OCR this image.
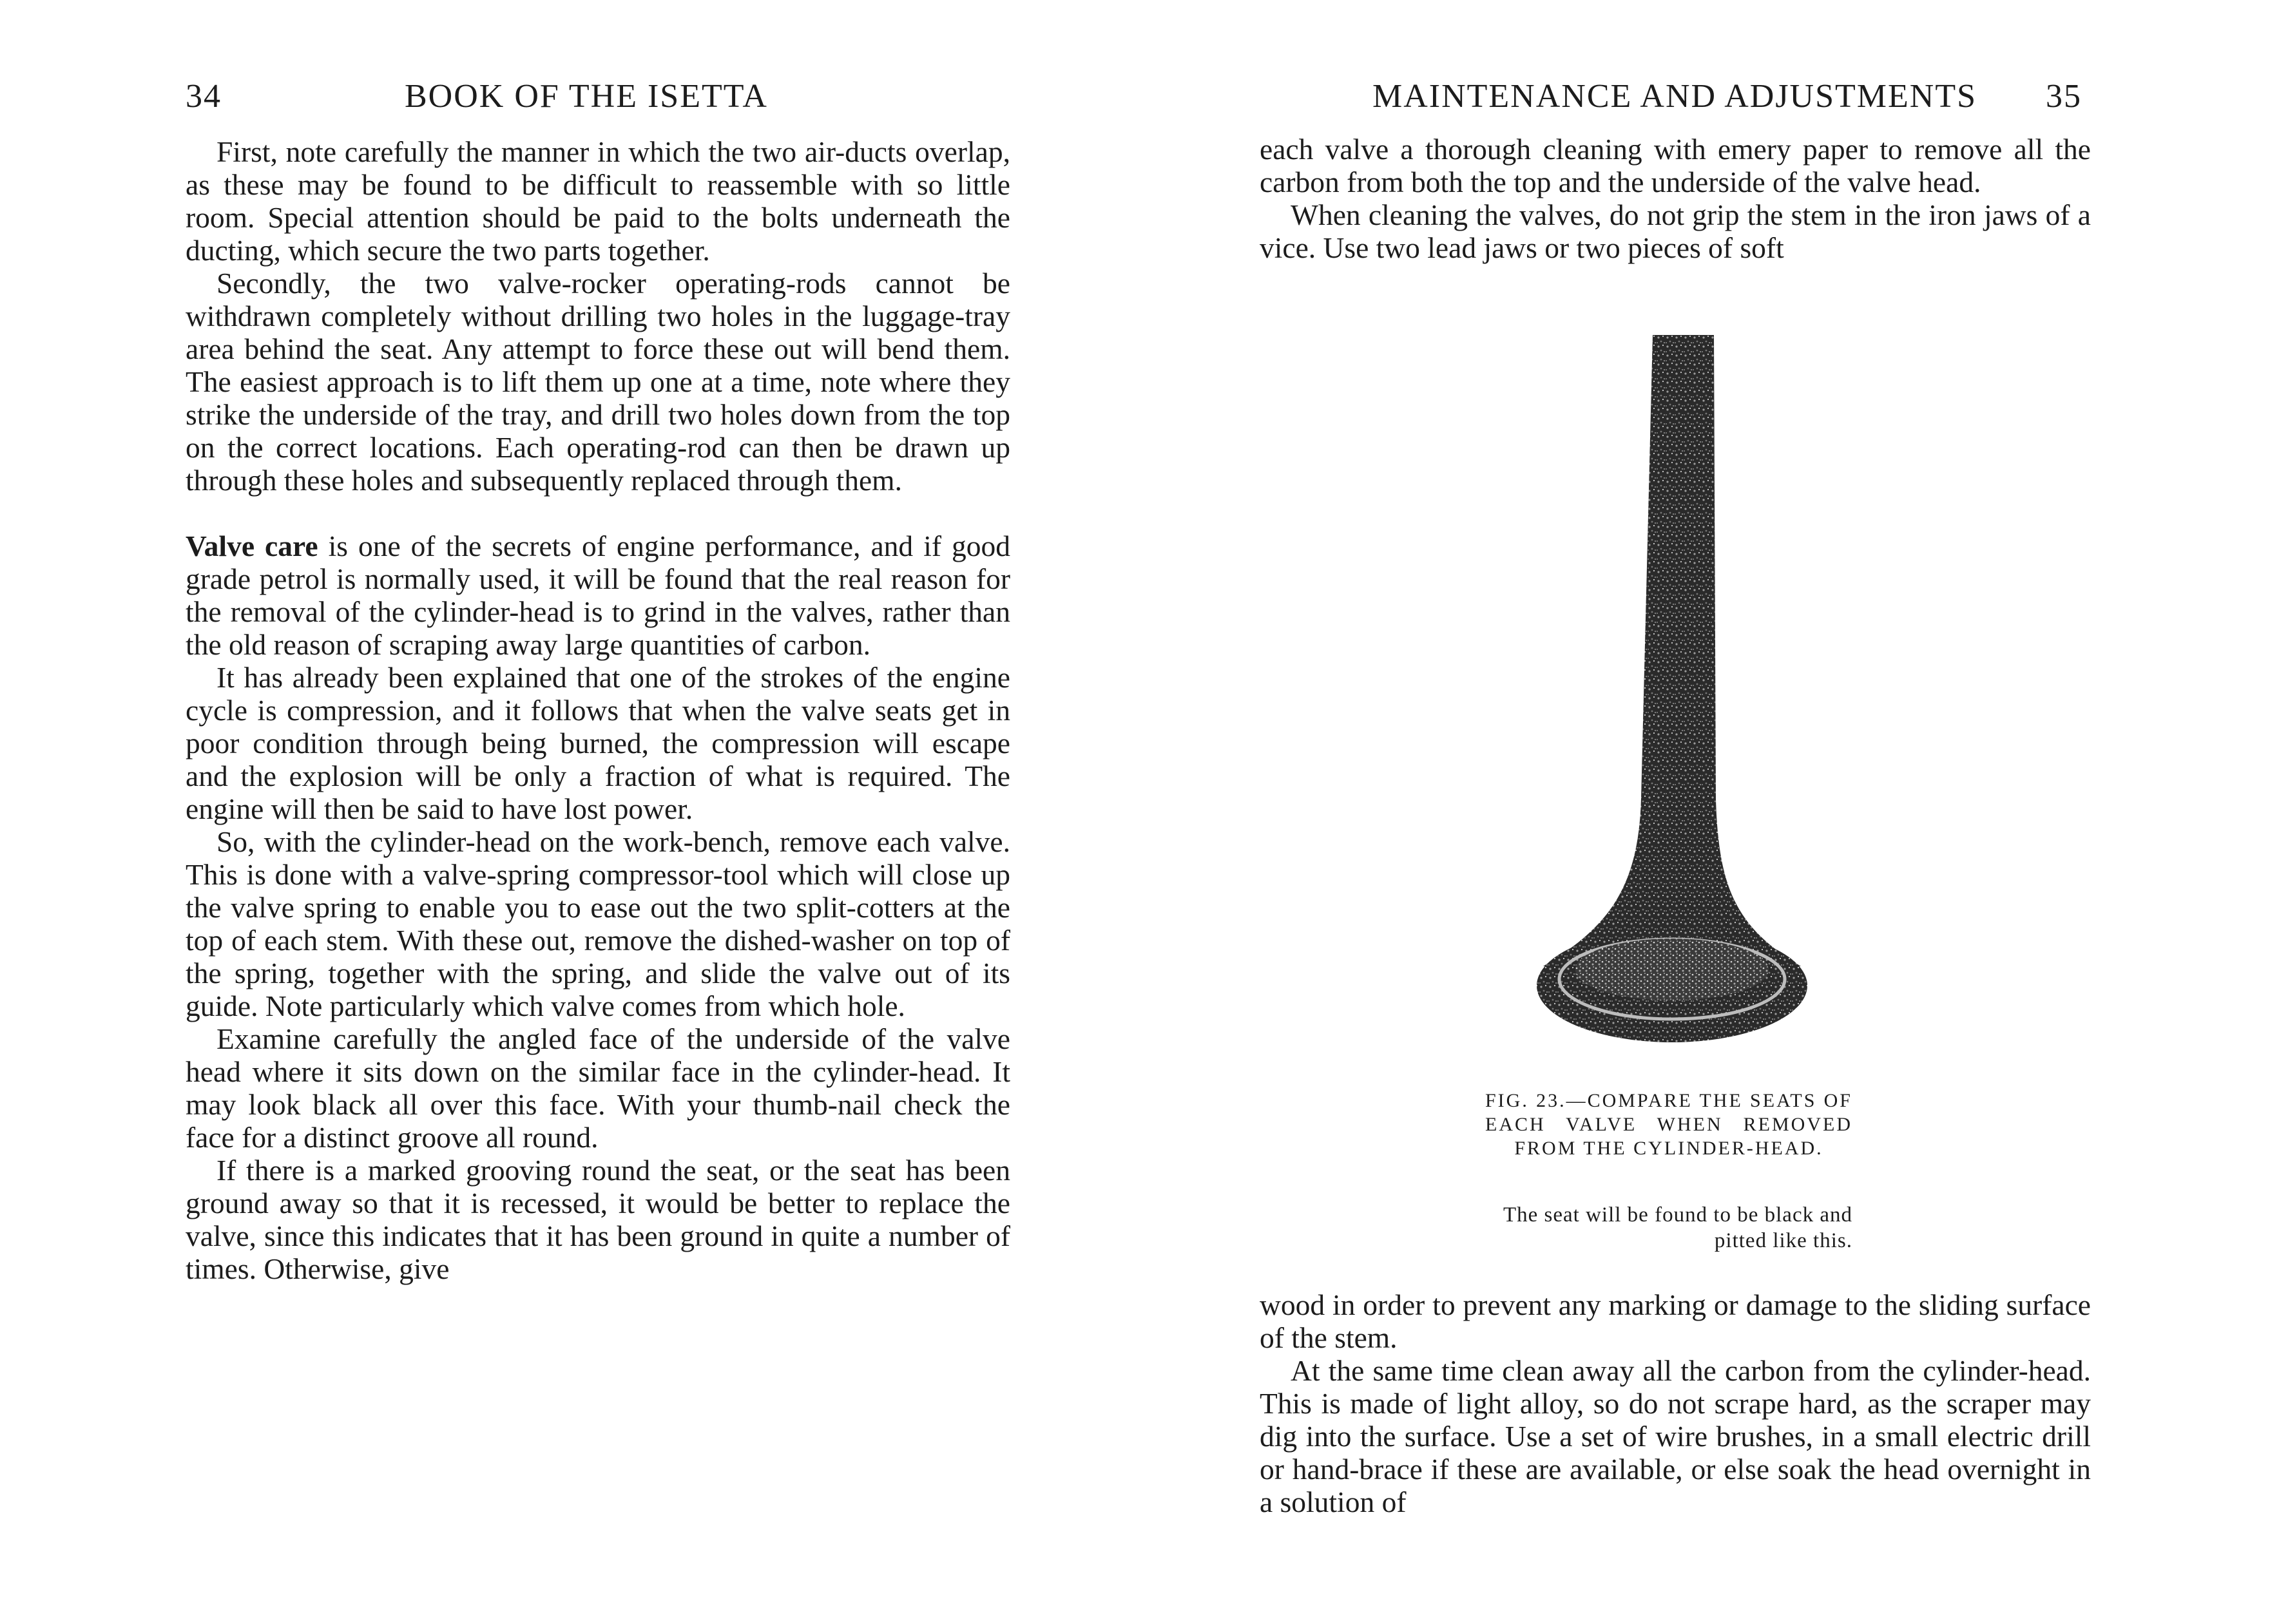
34	BOOK OF THE ISETTA

First, note carefully the manner in which the two air-ducts overlap, as these may be found to be difficult to reassemble with so little room. Special attention should be paid to the bolts underneath the ducting, which secure the two parts together.

Secondly, the two valve-rocker operating-rods cannot be withdrawn completely without drilling two holes in the luggage-tray area behind the seat. Any attempt to force these out will bend them. The easiest approach is to lift them up one at a time, note where they strike the underside of the tray, and drill two holes down from the top on the correct locations. Each operating-rod can then be drawn up through these holes and subsequently replaced through them.

Valve care is one of the secrets of engine performance, and if good grade petrol is normally used, it will be found that the real reason for the removal of the cylinder-head is to grind in the valves, rather than the old reason of scraping away large quantities of carbon.

It has already been explained that one of the strokes of the engine cycle is compression, and it follows that when the valve seats get in poor condition through being burned, the compression will escape and the explosion will be only a fraction of what is required. The engine will then be said to have lost power.

So, with the cylinder-head on the work-bench, remove each valve. This is done with a valve-spring compressor-tool which will close up the valve spring to enable you to ease out the two split-cotters at the top of each stem. With these out, remove the dished-washer on top of the spring, together with the spring, and slide the valve out of its guide. Note particularly which valve comes from which hole.

Examine carefully the angled face of the underside of the valve head where it sits down on the similar face in the cylinder-head. It may look black all over this face. With your thumb-nail check the face for a distinct groove all round.

If there is a marked grooving round the seat, or the seat has been ground away so that it is recessed, it would be better to replace the valve, since this indicates that it has been ground in quite a number of times. Otherwise, give

MAINTENANCE AND ADJUSTMENTS 35

each valve a thorough cleaning with emery paper to remove all the carbon from both the top and the underside of the valve head.

When cleaning the valves, do not grip the stem in the iron jaws of a vice. Use two lead jaws or two pieces of soft

FIG. 23.—COMPARE THE SEATS OF EACH VALVE WHEN REMOVED FROM THE CYLINDER-HEAD.
The seat will be found to be black and pitted like this.

wood in order to prevent any marking or damage to the sliding surface of the stem.

At the same time clean away all the carbon from the cylinder-head. This is made of light alloy, so do not scrape hard, as the scraper may dig into the surface. Use a set of wire brushes, in a small electric drill or hand-brace if these are available, or else soak the head overnight in a solution of
